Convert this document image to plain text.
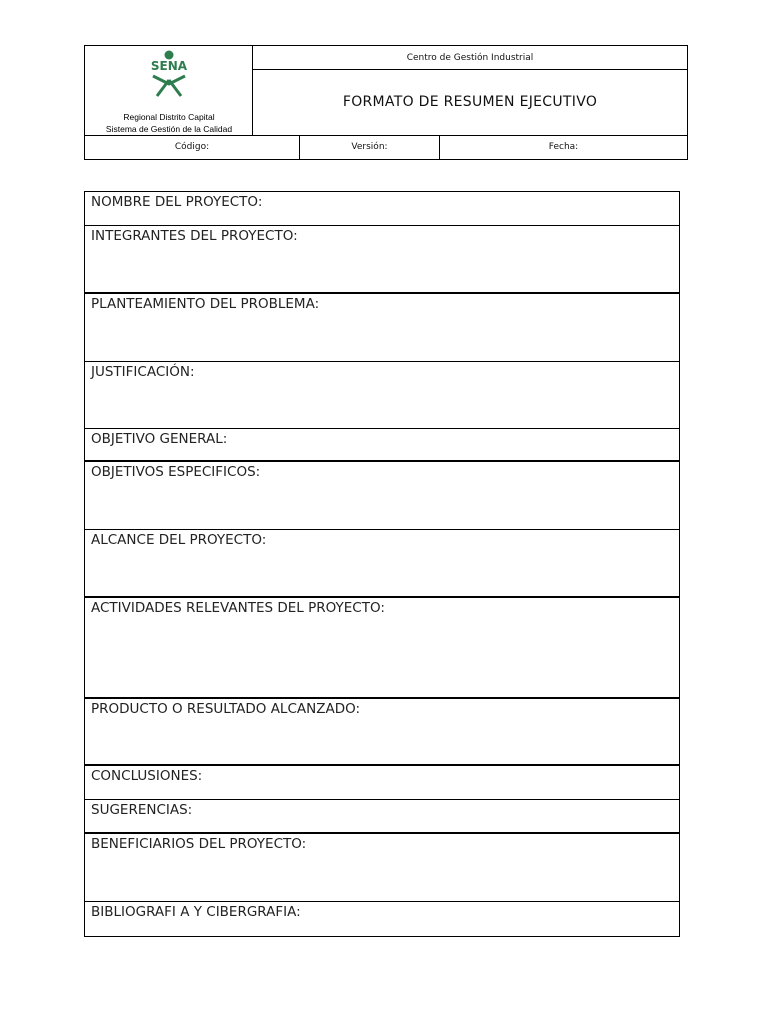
SENA
Regional Distrito Capital
Sistema de Gestión de la Calidad
Centro de Gestión Industrial
FORMATO DE RESUMEN EJECUTIVO
Código:	Versión:	Fecha:
NOMBRE DEL PROYECTO:
INTEGRANTES DEL PROYECTO:
PLANTEAMIENTO DEL PROBLEMA:
JUSTIFICACIÓN:
OBJETIVO GENERAL:
OBJETIVOS ESPECIFICOS:
ALCANCE DEL PROYECTO:
ACTIVIDADES RELEVANTES DEL PROYECTO:
PRODUCTO O RESULTADO ALCANZADO:
CONCLUSIONES:
SUGERENCIAS:
BENEFICIARIOS DEL PROYECTO:
BIBLIOGRAFI A Y CIBERGRAFIA:
